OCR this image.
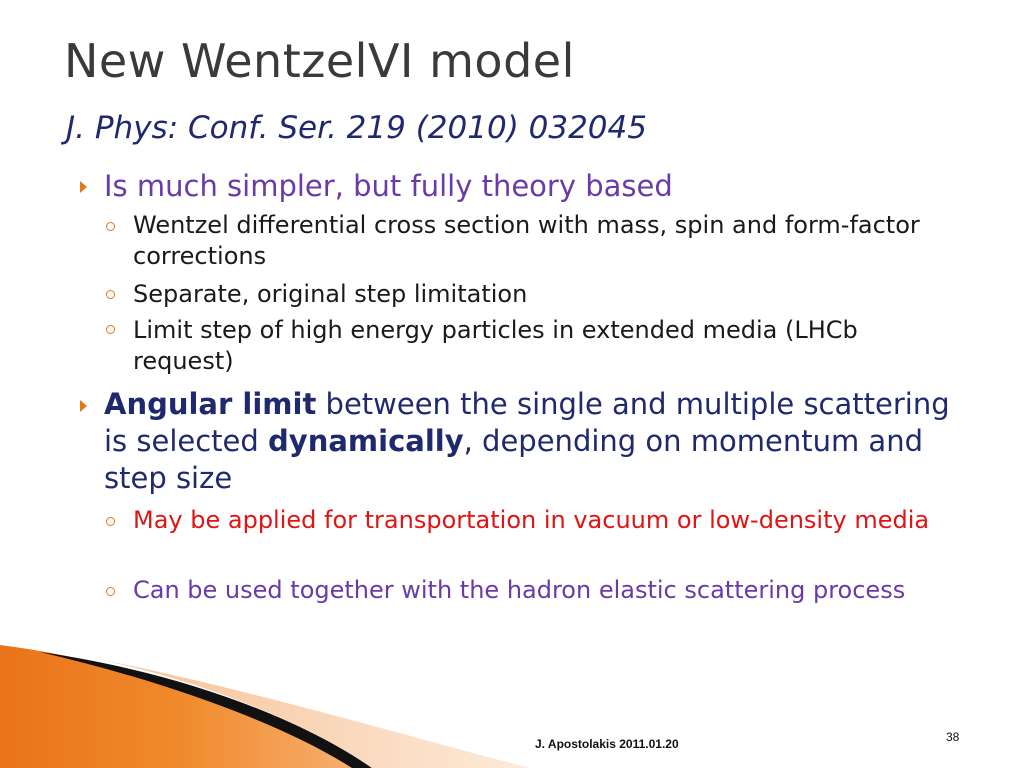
New WentzelVI model
J. Phys: Conf. Ser. 219 (2010) 032045
Is much simpler, but fully theory based
Wentzel differential cross section with mass, spin and form-factor corrections
Separate, original step limitation
Limit step of high energy particles in extended media (LHCb request)
Angular limit between the single and multiple scattering is selected dynamically, depending on momentum and step size
May be applied for transportation in vacuum or low-density media
Can be used together with the hadron elastic scattering process
J. Apostolakis 2011.01.20	38
